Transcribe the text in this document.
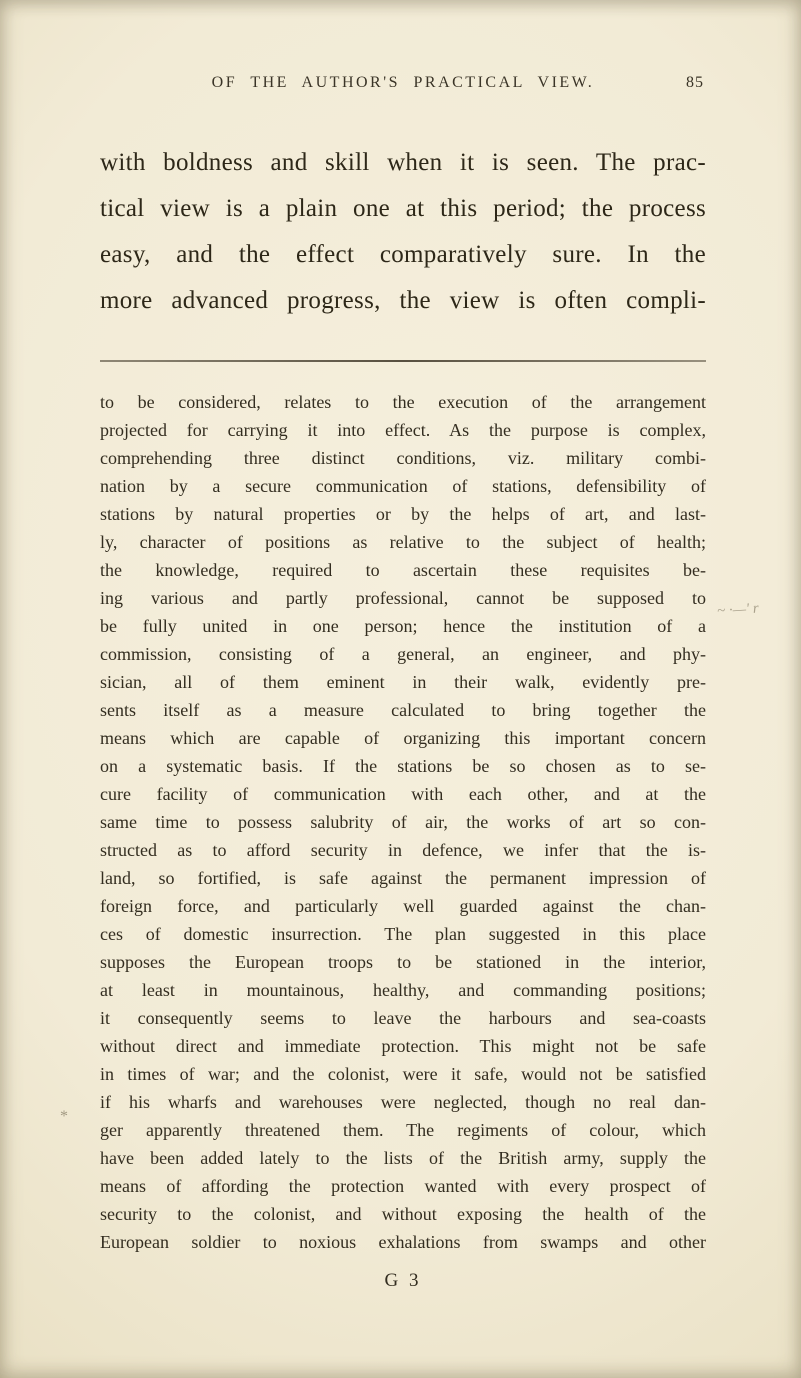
OF THE AUTHOR'S PRACTICAL VIEW.	85
with boldness and skill when it is seen. The prac-
tical view is a plain one at this period; the process
easy, and the effect comparatively sure. In the
more advanced progress, the view is often compli-
to be considered, relates to the execution of the arrangement
projected for carrying it into effect. As the purpose is complex,
comprehending three distinct conditions, viz. military combi-
nation by a secure communication of stations, defensibility of
stations by natural properties or by the helps of art, and last-
ly, character of positions as relative to the subject of health;
the knowledge, required to ascertain these requisites be-
ing various and partly professional, cannot be supposed to
be fully united in one person; hence the institution of a
commission, consisting of a general, an engineer, and phy-
sician, all of them eminent in their walk, evidently pre-
sents itself as a measure calculated to bring together the
means which are capable of organizing this important concern
on a systematic basis. If the stations be so chosen as to se-
cure facility of communication with each other, and at the
same time to possess salubrity of air, the works of art so con-
structed as to afford security in defence, we infer that the is-
land, so fortified, is safe against the permanent impression of
foreign force, and particularly well guarded against the chan-
ces of domestic insurrection. The plan suggested in this place
supposes the European troops to be stationed in the interior,
at least in mountainous, healthy, and commanding positions;
it consequently seems to leave the harbours and sea-coasts
without direct and immediate protection. This might not be safe
in times of war; and the colonist, were it safe, would not be satisfied
if his wharfs and warehouses were neglected, though no real dan-
ger apparently threatened them. The regiments of colour, which
have been added lately to the lists of the British army, supply the
means of affording the protection wanted with every prospect of
security to the colonist, and without exposing the health of the
European soldier to noxious exhalations from swamps and other
G 3
~ ·—' r
*
